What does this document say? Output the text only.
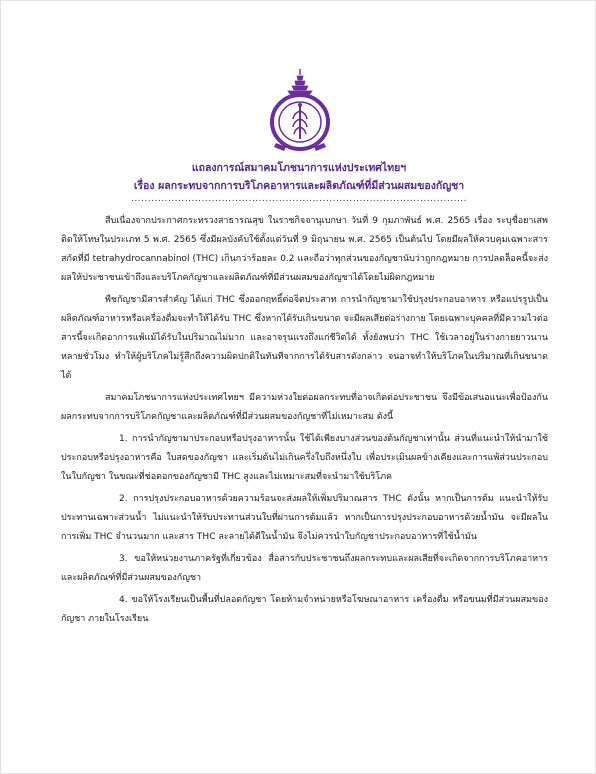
แถลงการณ์สมาคมโภชนาการแห่งประเทศไทยฯ
เรื่อง ผลกระทบจากการบริโภคอาหารและผลิตภัณฑ์ที่มีส่วนผสมของกัญชา
....................................................................................................

สืบเนื่องจากประกาศกระทรวงสาธารณสุข ในราชกิจจานุเบกษา วันที่ 9 กุมภาพันธ์ พ.ศ. 2565 เรื่อง ระบุชื่อยาเสพติดให้โทษในประเภท 5 พ.ศ. 2565 ซึ่งมีผลบังคับใช้ตั้งแต่วันที่ 9 มิถุนายน พ.ศ. 2565 เป็นต้นไป โดยมีผลให้ควบคุมเฉพาะสารสกัดที่มี tetrahydrocannabinol (THC) เกินกว่าร้อยละ 0.2 และถือว่าทุกส่วนของกัญชานับว่าถูกกฎหมาย การปลดล็อคนี้จะส่งผลให้ประชาชนเข้าถึงและบริโภคกัญชาและผลิตภัณฑ์ที่มีส่วนผสมของกัญชาได้โดยไม่ผิดกฎหมาย

พืชกัญชามีสารสำคัญ ได้แก่ THC ซึ่งออกฤทธิ์ต่อจิตประสาท การนำกัญชามาใช้ปรุงประกอบอาหาร หรือแปรรูปเป็นผลิตภัณฑ์อาหารหรือเครื่องดื่มจะทำให้ได้รับ THC ซึ่งหากได้รับเกินขนาด จะมีผลเสียต่อร่างกาย โดยเฉพาะบุคคลที่มีความไวต่อสารนี้จะเกิดอาการแพ้แม้ได้รับในปริมาณไม่มาก และอาจรุนแรงถึงแก่ชีวิตได้ ทั้งยังพบว่า THC ใช้เวลาอยู่ในร่างกายยาวนานหลายชั่วโมง ทำให้ผู้บริโภคไม่รู้สึกถึงความผิดปกติในทันทีจากการได้รับสารดังกล่าว จนอาจทำให้บริโภคในปริมาณที่เกินขนาดได้

สมาคมโภชนาการแห่งประเทศไทยฯ มีความห่วงใยต่อผลกระทบที่อาจเกิดต่อประชาชน จึงมีข้อเสนอแนะเพื่อป้องกันผลกระทบจากการบริโภคกัญชาและผลิตภัณฑ์ที่มีส่วนผสมของกัญชาที่ไม่เหมาะสม ดังนี้

1. การนำกัญชามาประกอบหรือปรุงอาหารนั้น ใช้ได้เพียงบางส่วนของต้นกัญชาเท่านั้น ส่วนที่แนะนำให้นำมาใช้ประกอบหรือปรุงอาหารคือ ใบสดของกัญชา และเริ่มต้นไม่เกินครึ่งใบถึงหนึ่งใบ เพื่อประเมินผลข้างเคียงและการแพ้ส่วนประกอบในใบกัญชา ในขณะที่ช่อดอกของกัญชามี THC สูงและไม่เหมาะสมที่จะนำมาใช้บริโภค

2. การปรุงประกอบอาหารด้วยความร้อนจะส่งผลให้เพิ่มปริมาณสาร THC ดังนั้น หากเป็นการต้ม แนะนำให้รับประทานเฉพาะส่วนน้ำ ไม่แนะนำให้รับประทานส่วนใบที่ผ่านการต้มแล้ว หากเป็นการปรุงประกอบอาหารด้วยน้ำมัน จะมีผลในการเพิ่ม THC จำนวนมาก และสาร THC ละลายได้ดีในน้ำมัน จึงไม่ควรนำใบกัญชาประกอบอาหารที่ใช้น้ำมัน

3. ขอให้หน่วยงานภาครัฐที่เกี่ยวข้อง สื่อสารกับประชาชนถึงผลกระทบและผลเสียที่จะเกิดจากการบริโภคอาหารและผลิตภัณฑ์ที่มีส่วนผสมของกัญชา

4. ขอให้โรงเรียนเป็นพื้นที่ปลอดกัญชา โดยห้ามจำหน่ายหรือโฆษณาอาหาร เครื่องดื่ม หรือขนมที่มีส่วนผสมของกัญชา ภายในโรงเรียน
